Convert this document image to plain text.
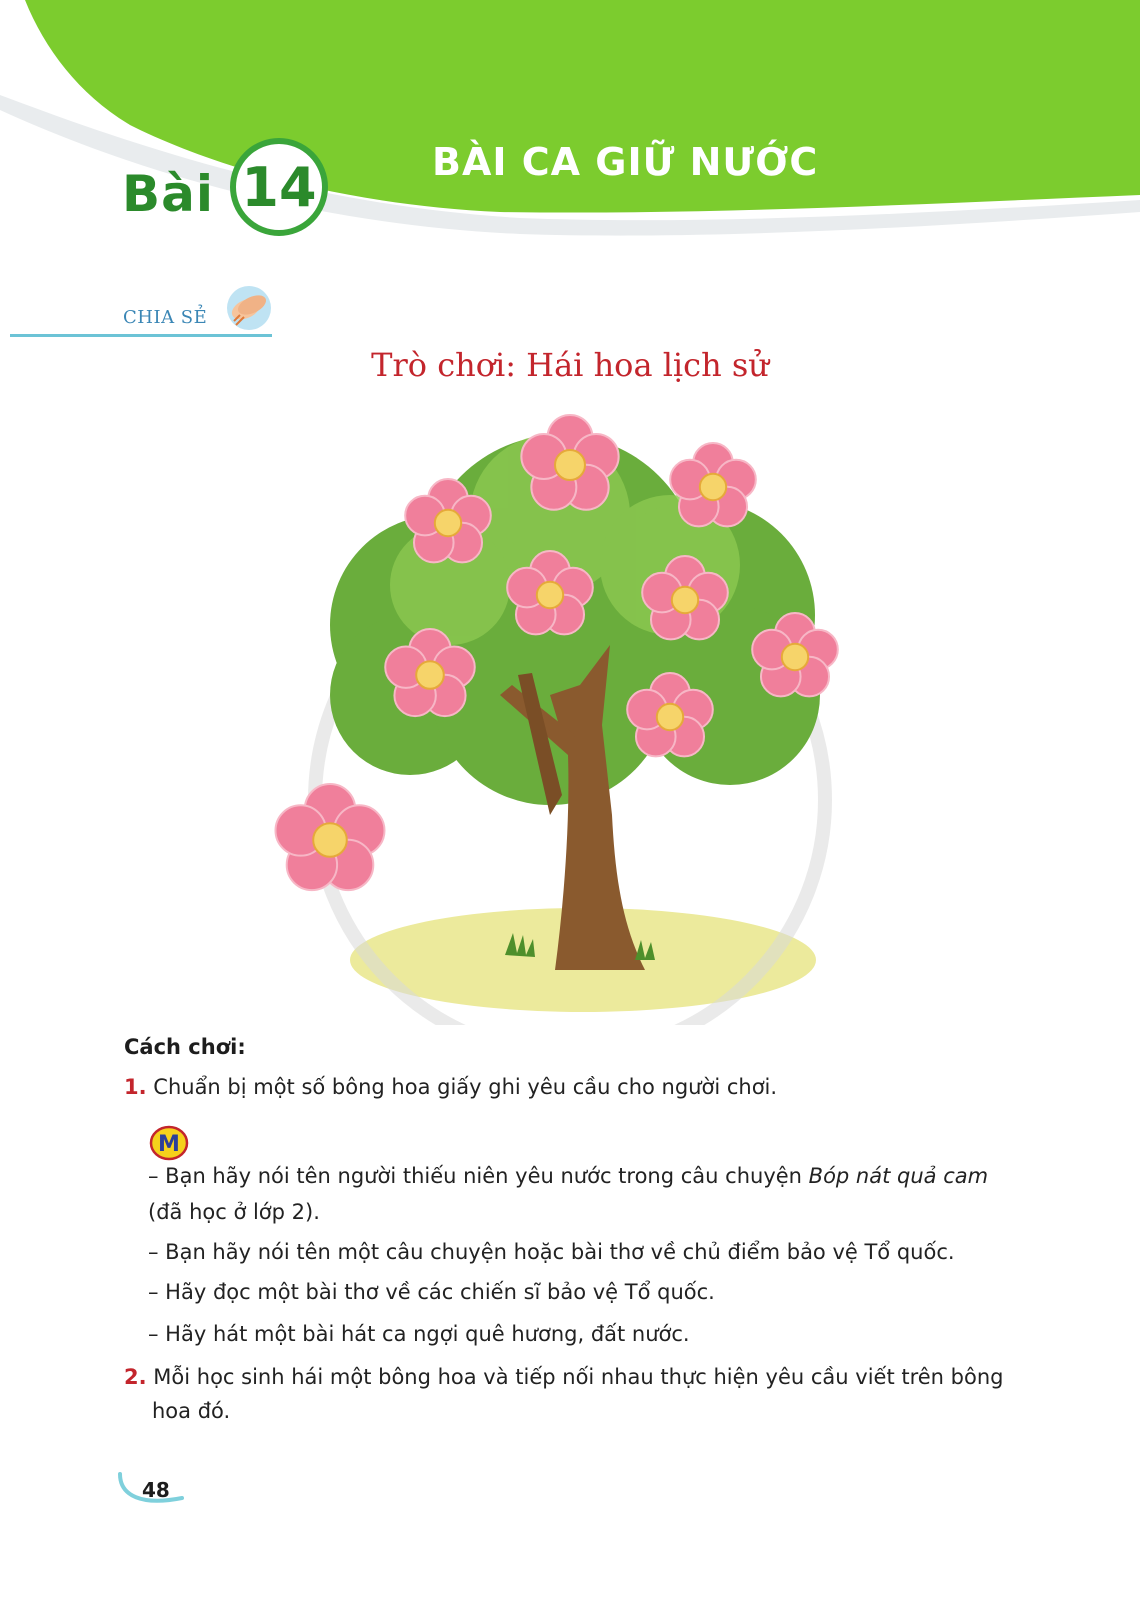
Bài 14	BÀI CA GIỮ NƯỚC
CHIA SẺ
Trò chơi: Hái hoa lịch sử
Cách chơi:
1. Chuẩn bị một số bông hoa giấy ghi yêu cầu cho người chơi.
M
– Bạn hãy nói tên người thiếu niên yêu nước trong câu chuyện Bóp nát quả cam (đã học ở lớp 2).
– Bạn hãy nói tên một câu chuyện hoặc bài thơ về chủ điểm bảo vệ Tổ quốc.
– Hãy đọc một bài thơ về các chiến sĩ bảo vệ Tổ quốc.
– Hãy hát một bài hát ca ngợi quê hương, đất nước.
2. Mỗi học sinh hái một bông hoa và tiếp nối nhau thực hiện yêu cầu viết trên bông hoa đó.
48
